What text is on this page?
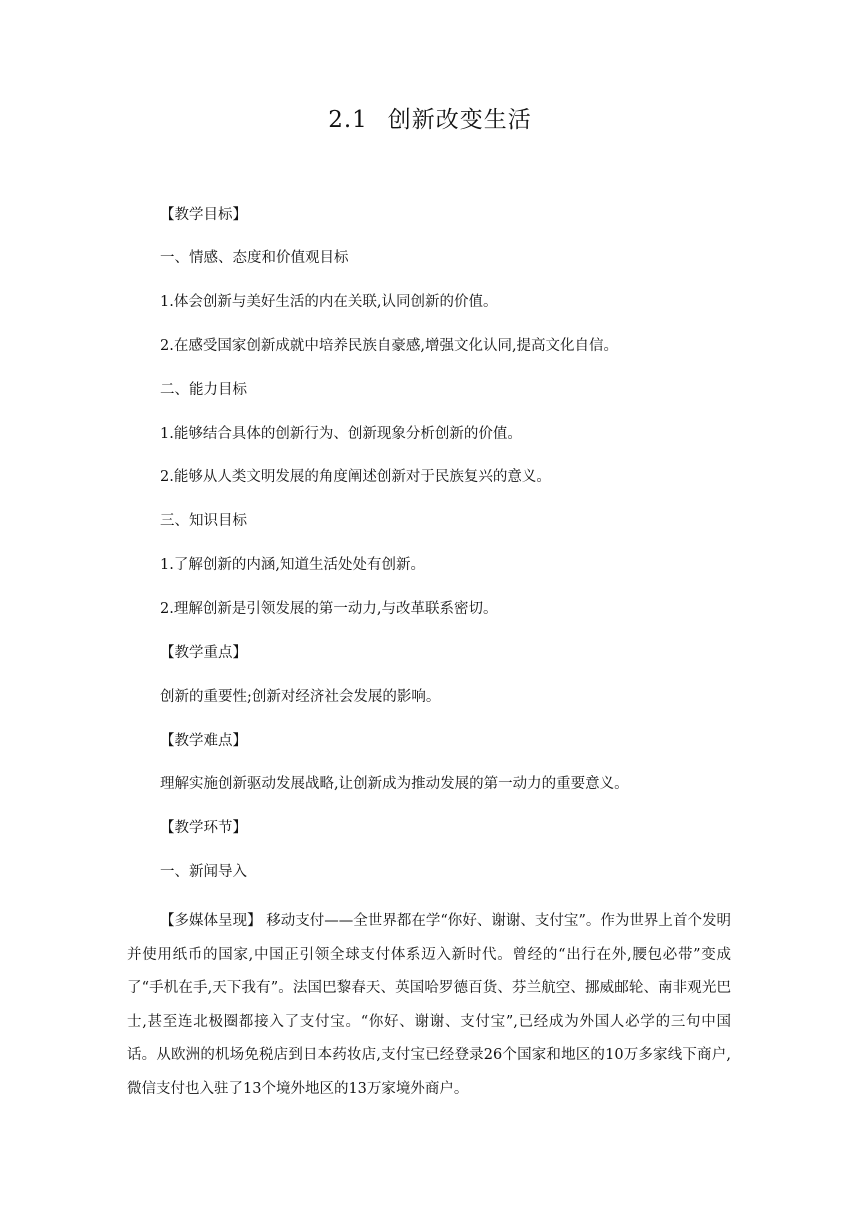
2.1 创新改变生活

【教学目标】

一、情感、态度和价值观目标

1.体会创新与美好生活的内在关联,认同创新的价值。

2.在感受国家创新成就中培养民族自豪感,增强文化认同,提高文化自信。

二、能力目标

1.能够结合具体的创新行为、创新现象分析创新的价值。

2.能够从人类文明发展的角度阐述创新对于民族复兴的意义。

三、知识目标

1.了解创新的内涵,知道生活处处有创新。

2.理解创新是引领发展的第一动力,与改革联系密切。

【教学重点】

创新的重要性;创新对经济社会发展的影响。

【教学难点】

理解实施创新驱动发展战略,让创新成为推动发展的第一动力的重要意义。

【教学环节】

一、新闻导入

【多媒体呈现】 移动支付——全世界都在学“你好、谢谢、支付宝”。作为世界上首个发明并使用纸币的国家,中国正引领全球支付体系迈入新时代。曾经的“出行在外,腰包必带”变成了“手机在手,天下我有”。法国巴黎春天、英国哈罗德百货、芬兰航空、挪威邮轮、南非观光巴士,甚至连北极圈都接入了支付宝。“你好、谢谢、支付宝”,已经成为外国人必学的三句中国话。从欧洲的机场免税店到日本药妆店,支付宝已经登录26个国家和地区的10万多家线下商户,微信支付也入驻了13个境外地区的13万家境外商户。
